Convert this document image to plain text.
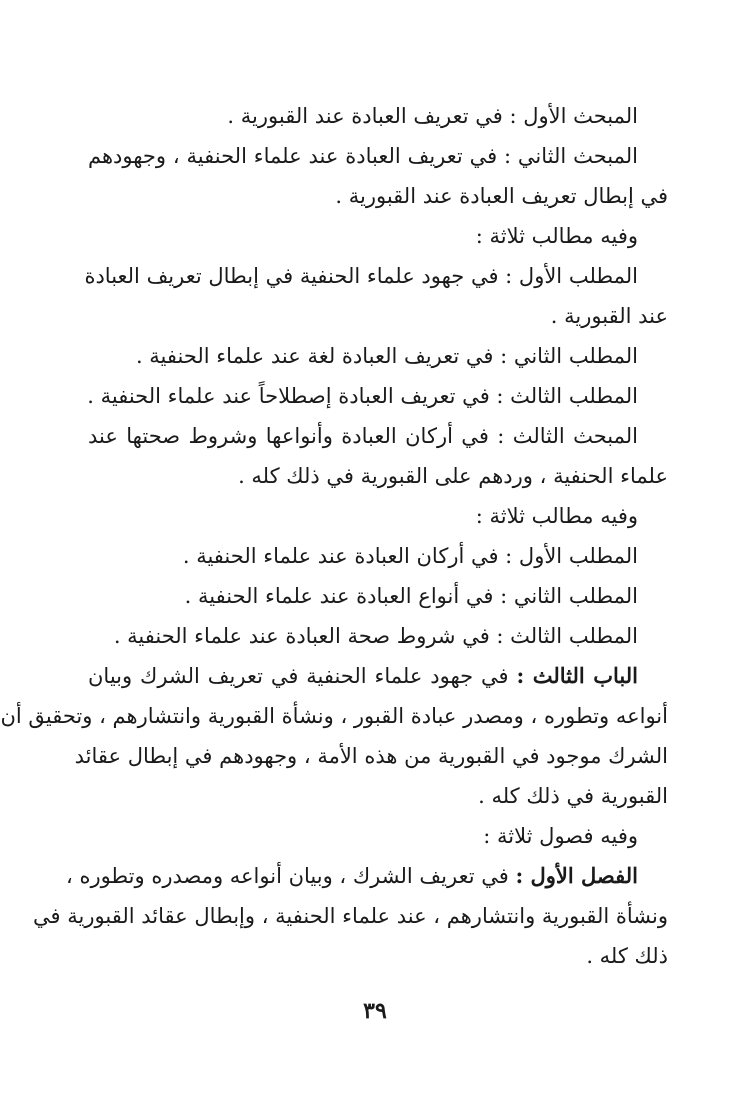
المبحث الأول : في تعريف العبادة عند القبورية .
المبحث الثاني : في تعريف العبادة عند علماء الحنفية ، وجهودهم
في إبطال تعريف العبادة عند القبورية .
وفيه مطالب ثلاثة :
المطلب الأول : في جهود علماء الحنفية في إبطال تعريف العبادة
عند القبورية .
المطلب الثاني : في تعريف العبادة لغة عند علماء الحنفية .
المطلب الثالث : في تعريف العبادة إصطلاحاً عند علماء الحنفية .
المبحث الثالث : في أركان العبادة وأنواعها وشروط صحتها عند
علماء الحنفية ، وردهم على القبورية في ذلك كله .
وفيه مطالب ثلاثة :
المطلب الأول : في أركان العبادة عند علماء الحنفية .
المطلب الثاني : في أنواع العبادة عند علماء الحنفية .
المطلب الثالث : في شروط صحة العبادة عند علماء الحنفية .
الباب الثالث : في جهود علماء الحنفية في تعريف الشرك وبيان
أنواعه وتطوره ، ومصدر عبادة القبور ، ونشأة القبورية وانتشارهم ، وتحقيق أن
الشرك موجود في القبورية من هذه الأمة ، وجهودهم في إبطال عقائد
القبورية في ذلك كله .
وفيه فصول ثلاثة :
الفصل الأول : في تعريف الشرك ، وبيان أنواعه ومصدره وتطوره ،
ونشأة القبورية وانتشارهم ، عند علماء الحنفية ، وإبطال عقائد القبورية في
ذلك كله .
٣٩
